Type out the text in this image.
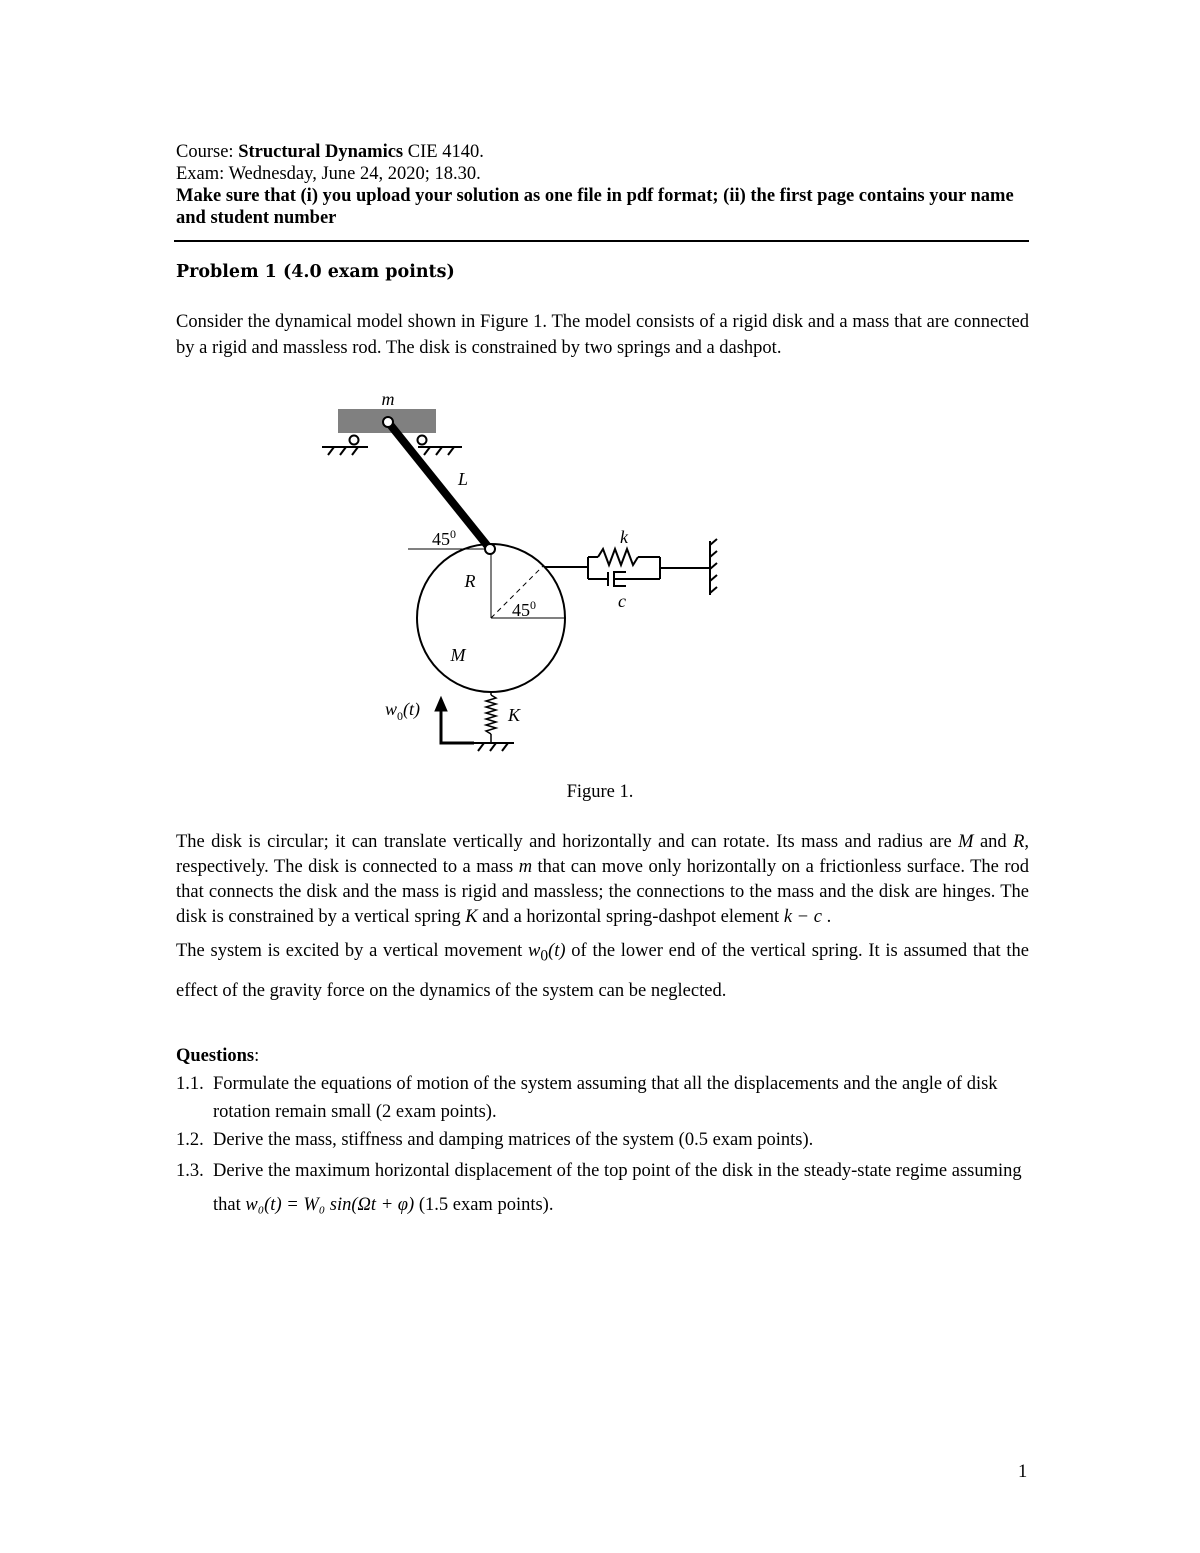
Course: Structural Dynamics CIE 4140.
Exam: Wednesday, June 24, 2020; 18.30.
Make sure that (i) you upload your solution as one file in pdf format; (ii) the first page contains your name and student number
Problem 1 (4.0 exam points)
Consider the dynamical model shown in Figure 1. The model consists of a rigid disk and a mass that are connected by a rigid and massless rod. The disk is constrained by two springs and a dashpot.
m
L
$45^0$
R
$45^0$
M
k
c
K
$w_0(t)$
Figure 1.

The disk is circular; it can translate vertically and horizontally and can rotate. Its mass and radius are M and R, respectively. The disk is connected to a mass m that can move only horizontally on a frictionless surface. The rod that connects the disk and the mass is rigid and massless; the connections to the mass and the disk are hinges. The disk is constrained by a vertical spring K and a horizontal spring-dashpot element k − c .

The system is excited by a vertical movement $w_0(t)$ of the lower end of the vertical spring. It is assumed that the effect of the gravity force on the dynamics of the system can be neglected.

Questions:
1.1. Formulate the equations of motion of the system assuming that all the displacements and the angle of disk rotation remain small (2 exam points).
1.2. Derive the mass, stiffness and damping matrices of the system (0.5 exam points).
1.3. Derive the maximum horizontal displacement of the top point of the disk in the steady-state regime assuming that w₀(t) = W₀ sin(Ωt + φ) (1.5 exam points).
1
